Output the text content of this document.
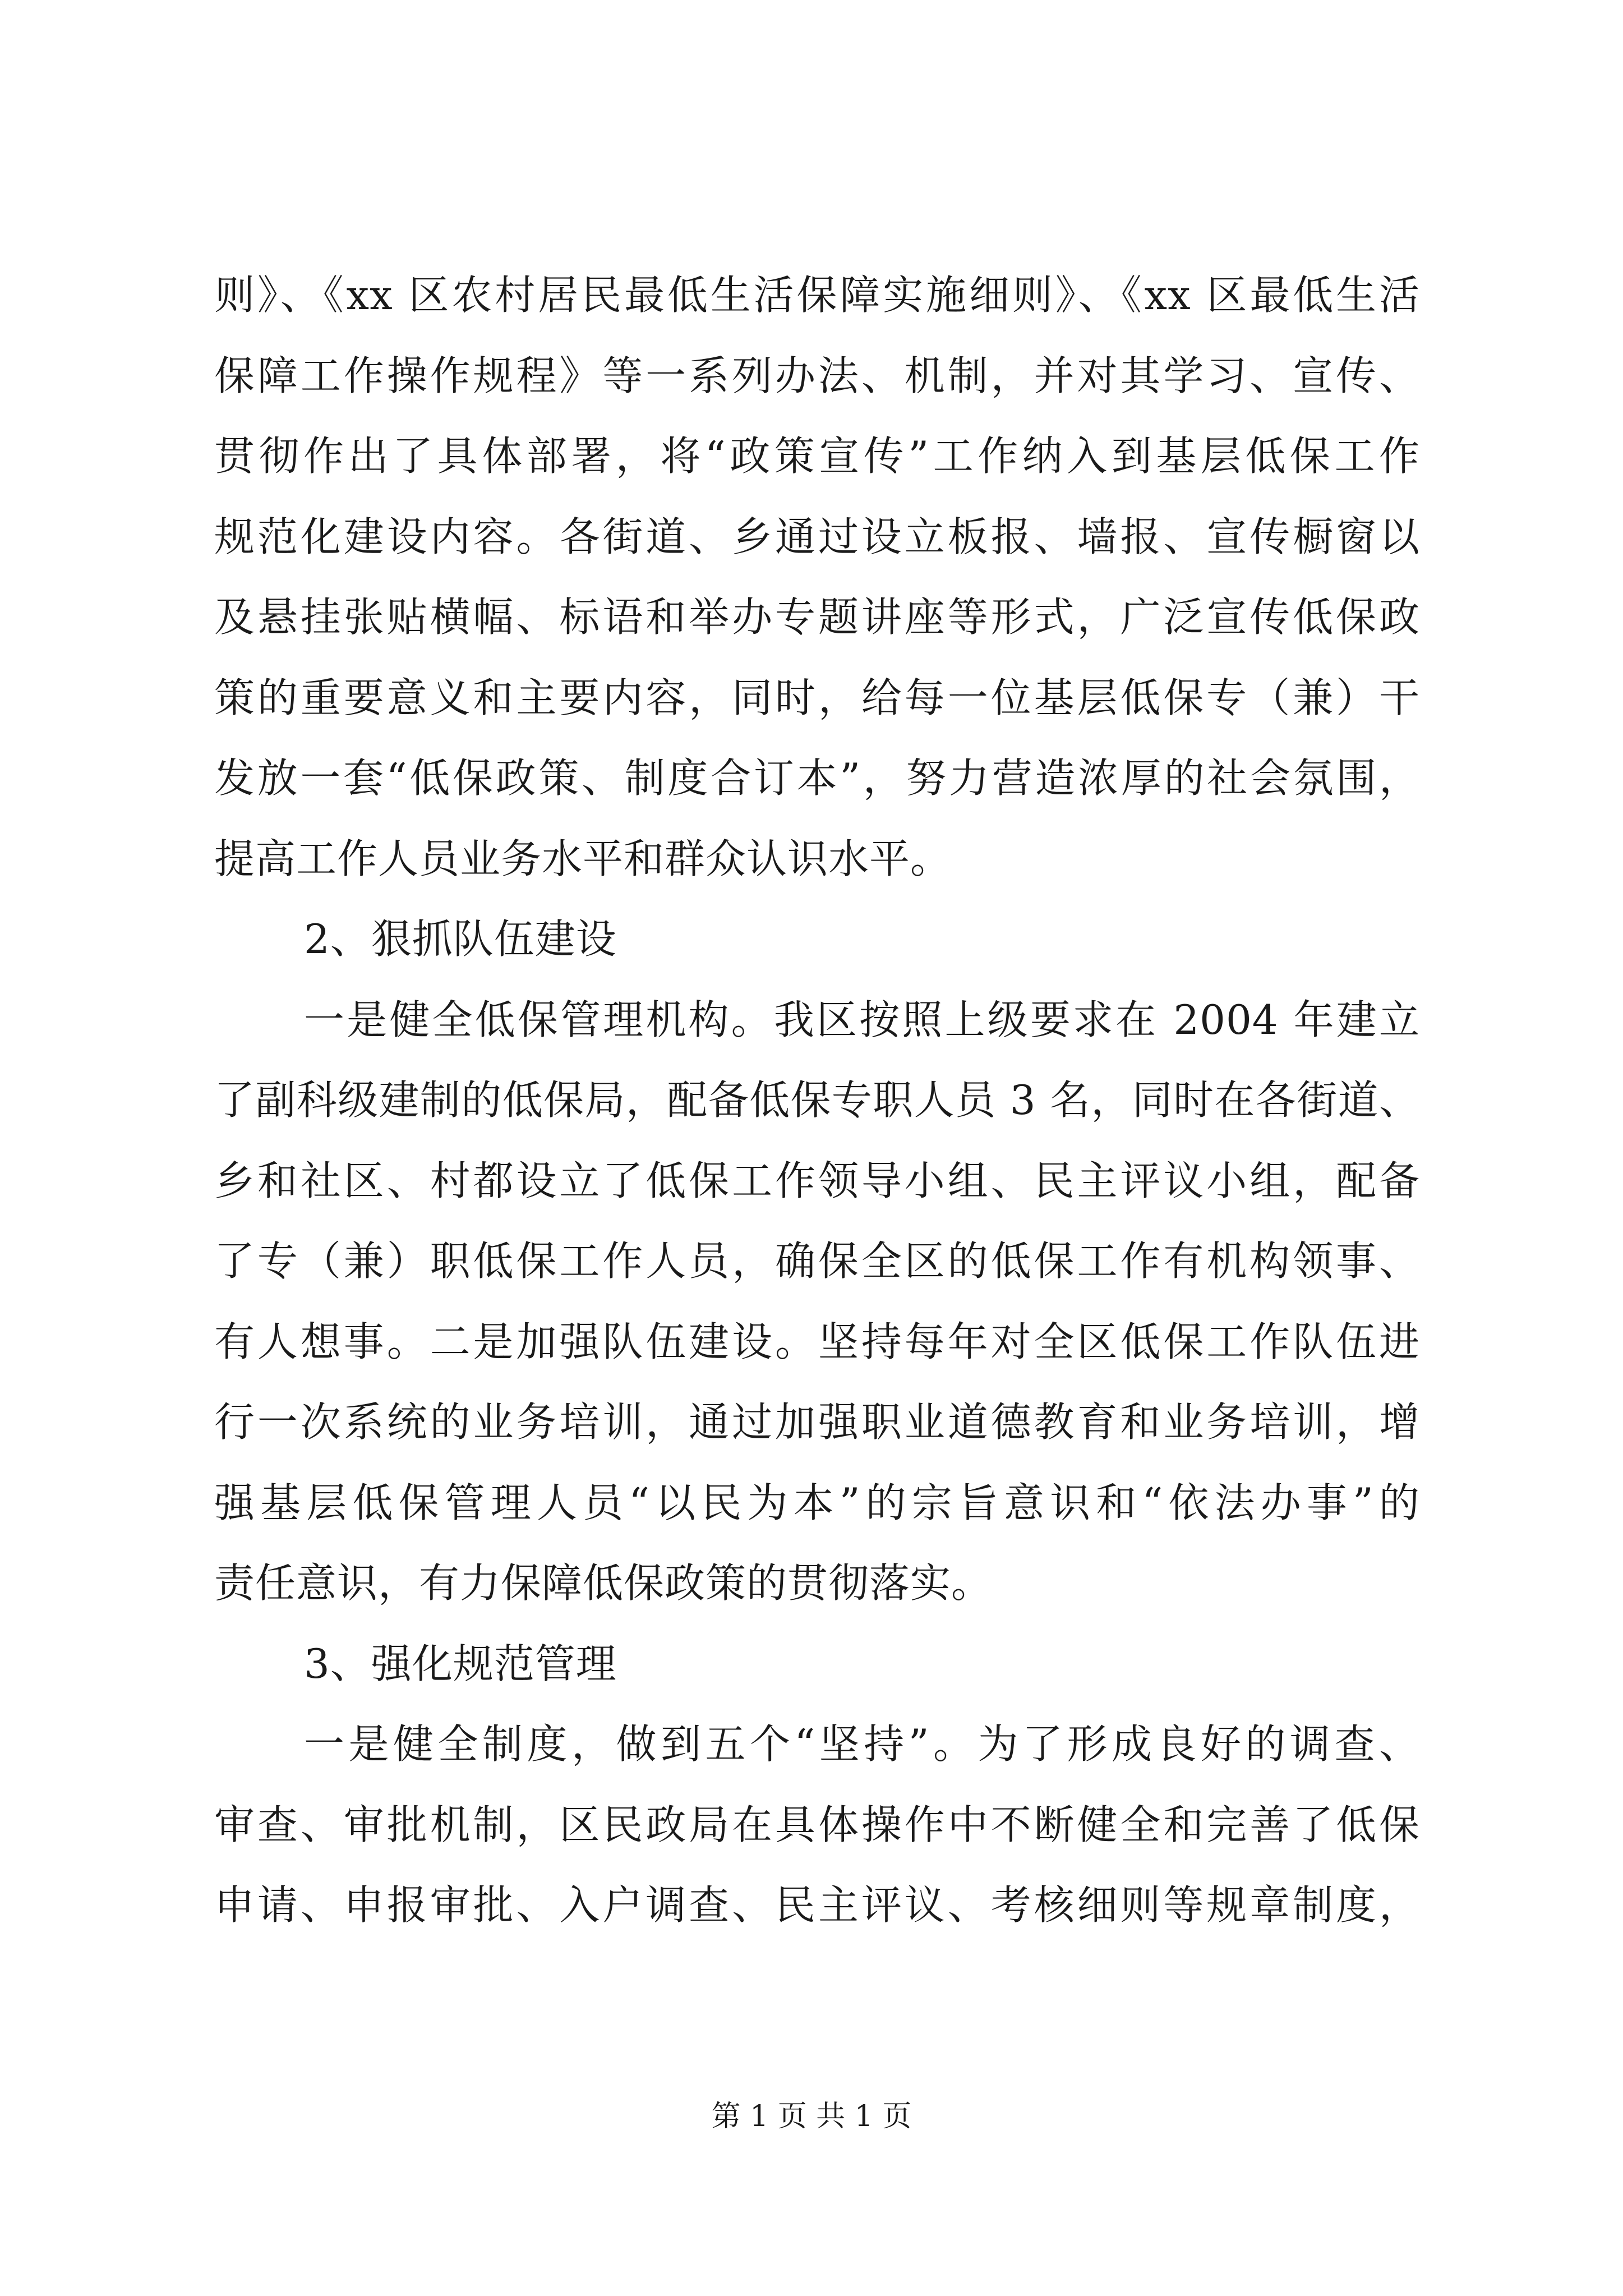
则》、《xx 区农村居民最低生活保障实施细则》、《xx 区最低生活
保障工作操作规程》等一系列办法、机制，并对其学习、宣传、
贯彻作出了具体部署，将“政策宣传”工作纳入到基层低保工作
规范化建设内容。各街道、乡通过设立板报、墙报、宣传橱窗以
及悬挂张贴横幅、标语和举办专题讲座等形式，广泛宣传低保政
策的重要意义和主要内容，同时，给每一位基层低保专（兼）干
发放一套“低保政策、制度合订本”，努力营造浓厚的社会氛围，
提高工作人员业务水平和群众认识水平。
2、狠抓队伍建设
一是健全低保管理机构。我区按照上级要求在 2004 年建立
了副科级建制的低保局，配备低保专职人员 3 名，同时在各街道、
乡和社区、村都设立了低保工作领导小组、民主评议小组，配备
了专（兼）职低保工作人员，确保全区的低保工作有机构领事、
有人想事。二是加强队伍建设。坚持每年对全区低保工作队伍进
行一次系统的业务培训，通过加强职业道德教育和业务培训，增
强基层低保管理人员“以民为本”的宗旨意识和“依法办事”的
责任意识，有力保障低保政策的贯彻落实。
3、强化规范管理
一是健全制度，做到五个“坚持”。为了形成良好的调查、
审查、审批机制，区民政局在具体操作中不断健全和完善了低保
申请、申报审批、入户调查、民主评议、考核细则等规章制度，
第 1 页 共 1 页
